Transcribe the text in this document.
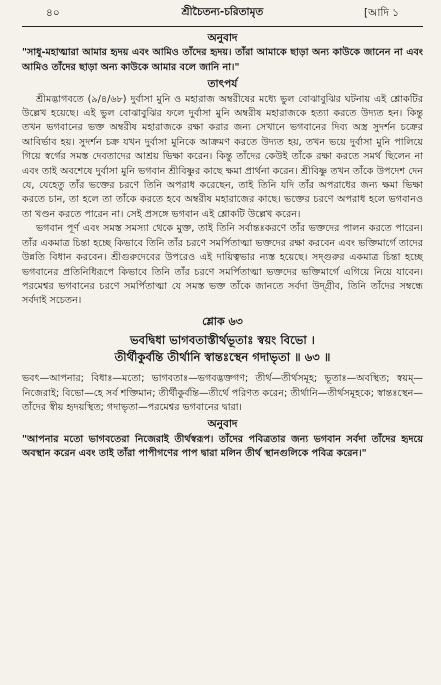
৪০	শ্রীচৈতন্য-চরিতামৃত	[আদি ১
অনুবাদ

"সাধু-মহাত্মারা আমার হৃদয় এবং আমিও তাঁদের হৃদয়। তাঁরা আমাকে ছাড়া অন্য কাউকে জানেন না এবং আমিও তাঁদের ছাড়া অন্য কাউকে আমার বলে জানি না।"

তাৎপর্য

শ্রীমদ্ভাগবতে (৯/৪/৬৮) দুর্বাসা মুনি ও মহারাজ অম্বরীষের মধ্যে ভুল বোঝাবুঝির ঘটনায় এই শ্লোকটির উল্লেখ হয়েছে। এই ভুল বোঝাবুঝির ফলে দুর্বাসা মুনি অম্বরীষ মহারাজকে হত্যা করতে উদ্যত হন। কিন্তু তখন ভগবানের ভক্ত অম্বরীষ মহারাজকে রক্ষা করার জন্য সেখানে ভগবানের দিব্য অস্ত্র সুদর্শন চক্রের আবির্ভাব হয়। সুদর্শন চক্র যখন দুর্বাসা মুনিকে আক্রমণ করতে উদ্যত হয়, তখন ভয়ে দুর্বাসা মুনি পালিয়ে গিয়ে স্বর্গের সমস্ত দেবতাদের আশ্রয় ভিক্ষা করেন। কিন্তু তাঁদের কেউই তাঁকে রক্ষা করতে সমর্থ ছিলেন না এবং তাই অবশেষে দুর্বাসা মুনি ভগবান শ্রীবিষ্ণুর কাছে ক্ষমা প্রার্থনা করেন। শ্রীবিষ্ণু তখন তাঁকে উপদেশ দেন যে, যেহেতু তাঁর ভক্তের চরণে তিনি অপরাধ করেছেন, তাই তিনি যদি তাঁর অপরাধের জন্য ক্ষমা ভিক্ষা করতে চান, তা হলে তা তাঁকে করতে হবে অম্বরীষ মহারাজের কাছে। ভক্তের চরণে অপরাধ হলে ভগবানও তা খণ্ডন করতে পারেন না। সেই প্রসঙ্গে ভগবান এই শ্লোকটি উল্লেখ করেন।

ভগবান পূর্ণ এবং সমস্ত সমস্যা থেকে মুক্ত, তাই তিনি সর্বান্তঃকরণে তাঁর ভক্তদের পালন করতে পারেন। তাঁর একমাত্র চিন্তা হচ্ছে কিভাবে তিনি তাঁর চরণে সমর্পিতাত্মা ভক্তদের রক্ষা করবেন এবং ভক্তিমার্গে তাদের উন্নতি বিধান করবেন। শ্রীগুরুদেবের উপরেও এই দায়িত্বভার ন্যস্ত হয়েছে। সদ্গুরুর একমাত্র চিন্তা হচ্ছে ভগবানের প্রতিনিধিরূপে কিভাবে তিনি তাঁর চরণে সমর্পিতাত্মা ভক্তদের ভক্তিমার্গে এগিয়ে নিয়ে যাবেন। পরমেশ্বর ভগবানের চরণে সমর্পিতাত্মা যে সমস্ত ভক্ত তাঁকে জানতে সর্বদা উদ্গ্রীব, তিনি তাঁদের সম্বন্ধে সর্বদাই সচেতন।

শ্লোক ৬৩

ভবদ্বিধা ভাগবতাস্তীর্থভূতাঃ স্বয়ং বিভো ।

তীর্থীকুর্বন্তি তীর্থানি স্বান্তঃস্থেন গদাভৃতা ॥ ৬৩ ॥

ভবৎ—আপনার; বিধাঃ—মতো; ভাগবতাঃ—ভগবদ্ভক্তগণ; তীর্থ—তীর্থসমূহ; ভূতাঃ—অবস্থিত; স্বয়ম্—নিজেরাই; বিভো—হে সর্ব শক্তিমান; তীর্থীকুর্বন্তি—তীর্থে পরিণত করেন; তীর্থানি—তীর্থসমূহকে; স্বান্তঃস্থেন—তাঁদের স্বীয় হৃদয়স্থিত; গদাভৃতা—পরমেশ্বর ভগবানের দ্বারা।

অনুবাদ

"আপনার মতো ভাগবতেরা নিজেরাই তীর্থস্বরূপ। তাঁদের পবিত্রতার জন্য ভগবান সর্বদা তাঁদের হৃদয়ে অবস্থান করেন এবং তাই তাঁরা পাপীগণের পাপ দ্বারা মলিন তীর্থ স্থানগুলিকে পবিত্র করেন।"
